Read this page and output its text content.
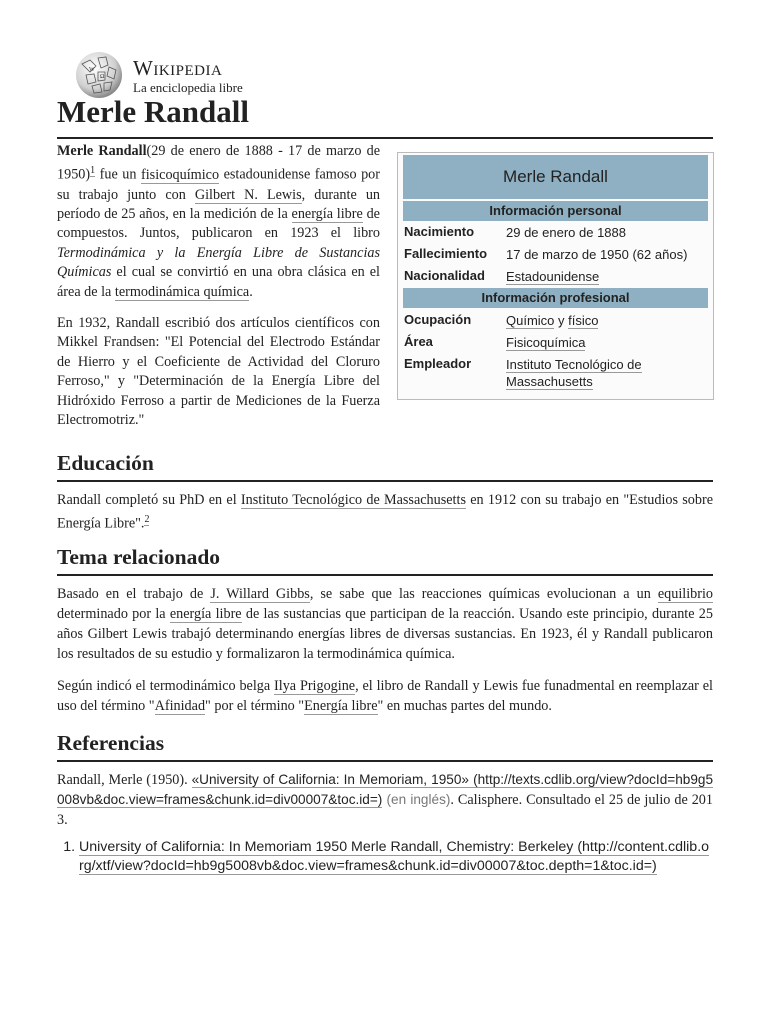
W
Ω Wikipedia
La enciclopedia libre
Merle Randall

Merle Randall(29 de enero de 1888 - 17 de marzo de 1950)$^1$ fue un fisicoquímico estadounidense famoso por su trabajo junto con Gilbert N. Lewis, durante un período de 25 años, en la medición de la energía libre de compuestos. Juntos, publicaron en 1923 el libro Termodinámica y la Energía Libre de Sustancias Químicas el cual se convirtió en una obra clásica en el área de la termodinámica química.

En 1932, Randall escribió dos artículos científicos con Mikkel Frandsen: "El Potencial del Electrodo Estándar de Hierro y el Coeficiente de Actividad del Cloruro Ferroso," y "Determinación de la Energía Libre del Hidróxido Ferroso a partir de Mediciones de la Fuerza Electromotriz."

Merle Randall
Información personal
Nacimiento 29 de enero de 1888
Fallecimiento 17 de marzo de 1950 (62 años)
Nacionalidad Estadounidense
Información profesional
Ocupación	Químico y físico
Área	Fisicoquímica
Empleador	Instituto Tecnológico de Massachusetts
Educación

Randall completó su PhD en el Instituto Tecnológico de Massachusetts en 1912 con su trabajo en "Estudios sobre Energía Libre".$^2$

Tema relacionado

Basado en el trabajo de J. Willard Gibbs, se sabe que las reacciones químicas evolucionan a un equilibrio determinado por la energía libre de las sustancias que participan de la reacción. Usando este principio, durante 25 años Gilbert Lewis trabajó determinando energías libres de diversas sustancias. En 1923, él y Randall publicaron los resultados de su estudio y formalizaron la termodinámica química.

Según indicó el termodinámico belga Ilya Prigogine, el libro de Randall y Lewis fue funadmental en reemplazar el uso del término "Afinidad" por el término "Energía libre" en muchas partes del mundo.

Referencias

Randall, Merle (1950). «University of California: In Memoriam, 1950» (http://texts.cdlib.org/view?docId=hb9g5008vb&doc.view=frames&chunk.id=div00007&toc.id=) (en inglés). Calisphere. Consultado el 25 de julio de 2013.

1. University of California: In Memoriam 1950 Merle Randall, Chemistry: Berkeley (http://content.cdlib.org/xtf/view?docId=hb9g5008vb&doc.view=frames&chunk.id=div00007&toc.depth=1&toc.id=)
